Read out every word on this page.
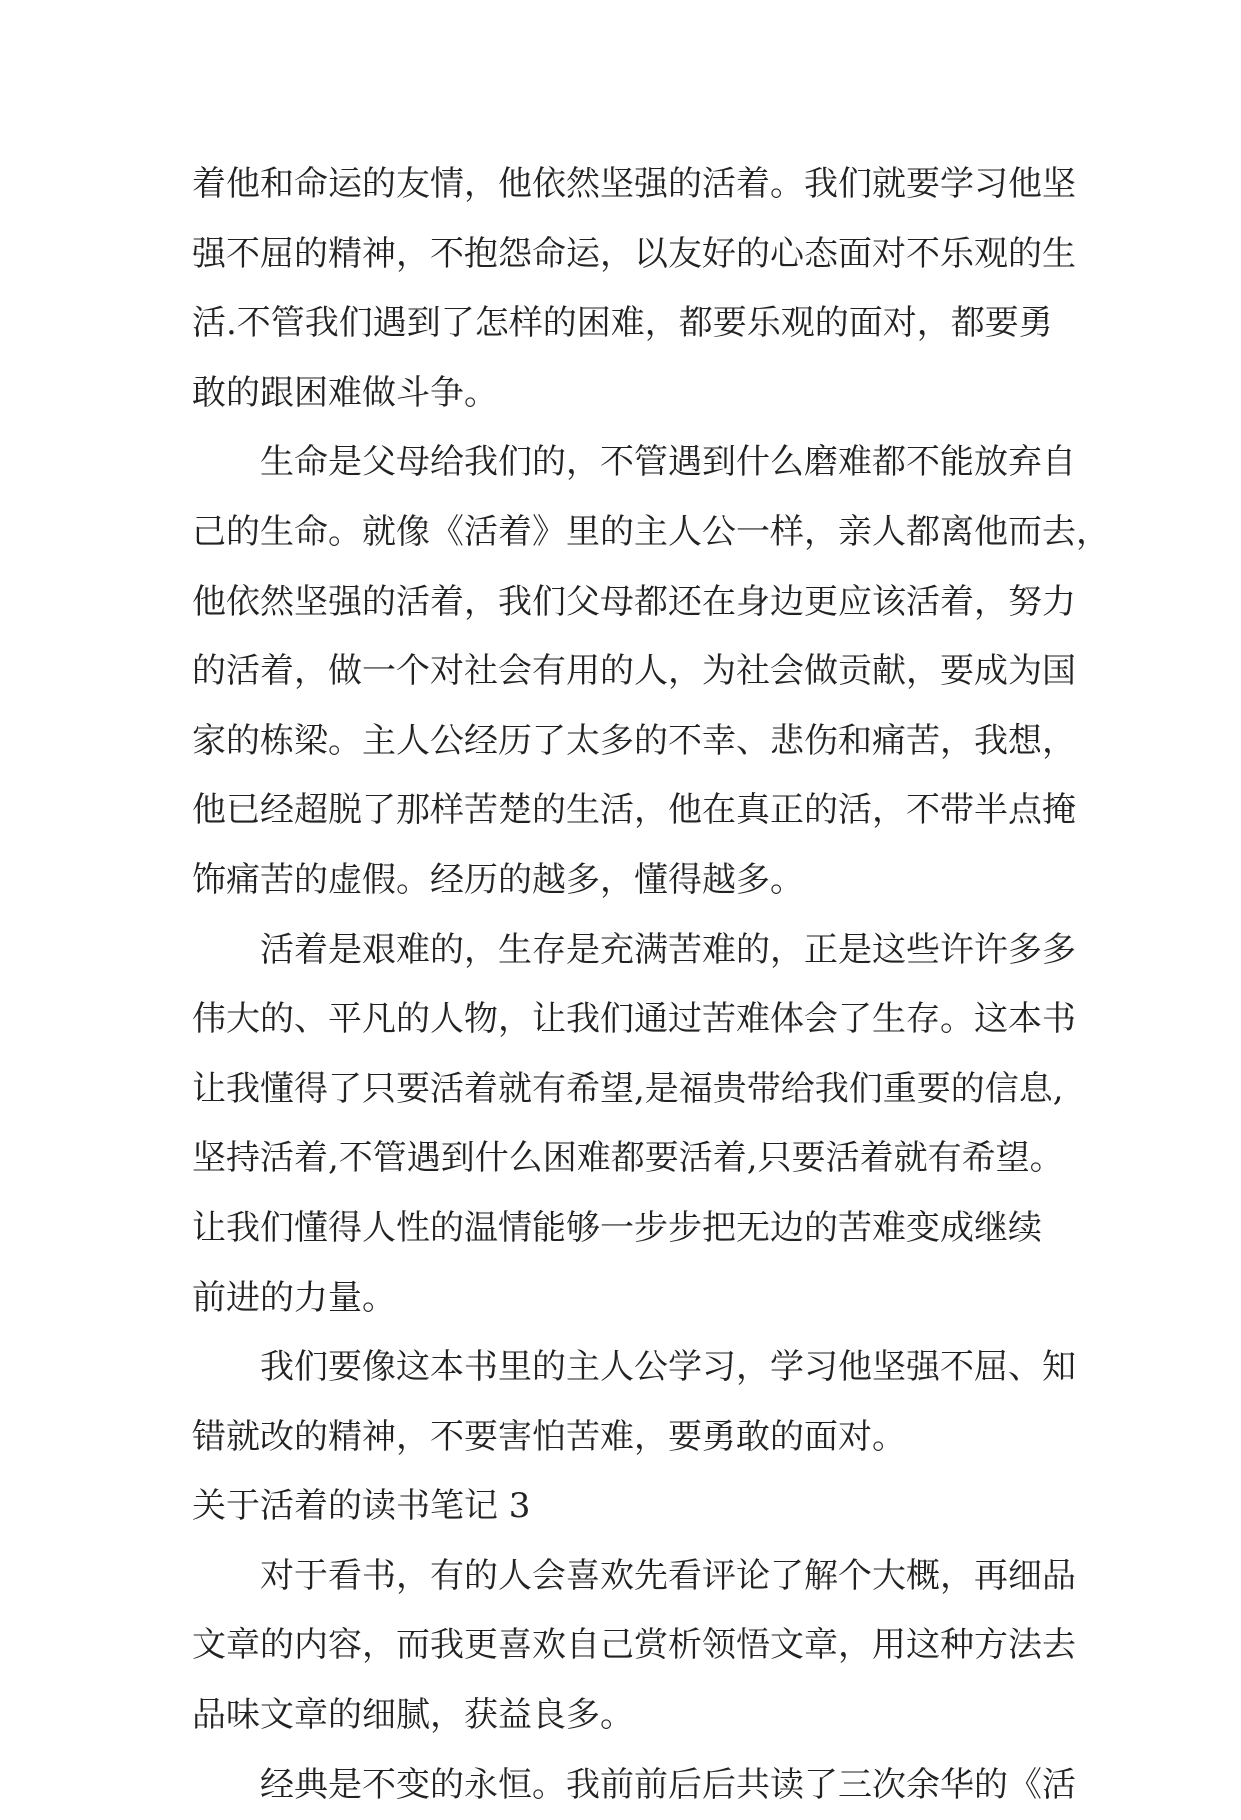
着他和命运的友情，他依然坚强的活着。我们就要学习他坚
强不屈的精神，不抱怨命运，以友好的心态面对不乐观的生
活.不管我们遇到了怎样的困难，都要乐观的面对，都要勇
敢的跟困难做斗争。
生命是父母给我们的，不管遇到什么磨难都不能放弃自
己的生命。就像《活着》里的主人公一样，亲人都离他而去，
他依然坚强的活着，我们父母都还在身边更应该活着，努力
的活着，做一个对社会有用的人，为社会做贡献，要成为国
家的栋梁。主人公经历了太多的不幸、悲伤和痛苦，我想，
他已经超脱了那样苦楚的生活，他在真正的活，不带半点掩
饰痛苦的虚假。经历的越多，懂得越多。
活着是艰难的，生存是充满苦难的，正是这些许许多多
伟大的、平凡的人物，让我们通过苦难体会了生存。这本书
让我懂得了只要活着就有希望,是福贵带给我们重要的信息,
坚持活着,不管遇到什么困难都要活着,只要活着就有希望。
让我们懂得人性的温情能够一步步把无边的苦难变成继续
前进的力量。
我们要像这本书里的主人公学习，学习他坚强不屈、知
错就改的精神，不要害怕苦难，要勇敢的面对。
关于活着的读书笔记 3
对于看书，有的人会喜欢先看评论了解个大概，再细品
文章的内容，而我更喜欢自己赏析领悟文章，用这种方法去
品味文章的细腻，获益良多。
经典是不变的永恒。我前前后后共读了三次余华的《活
